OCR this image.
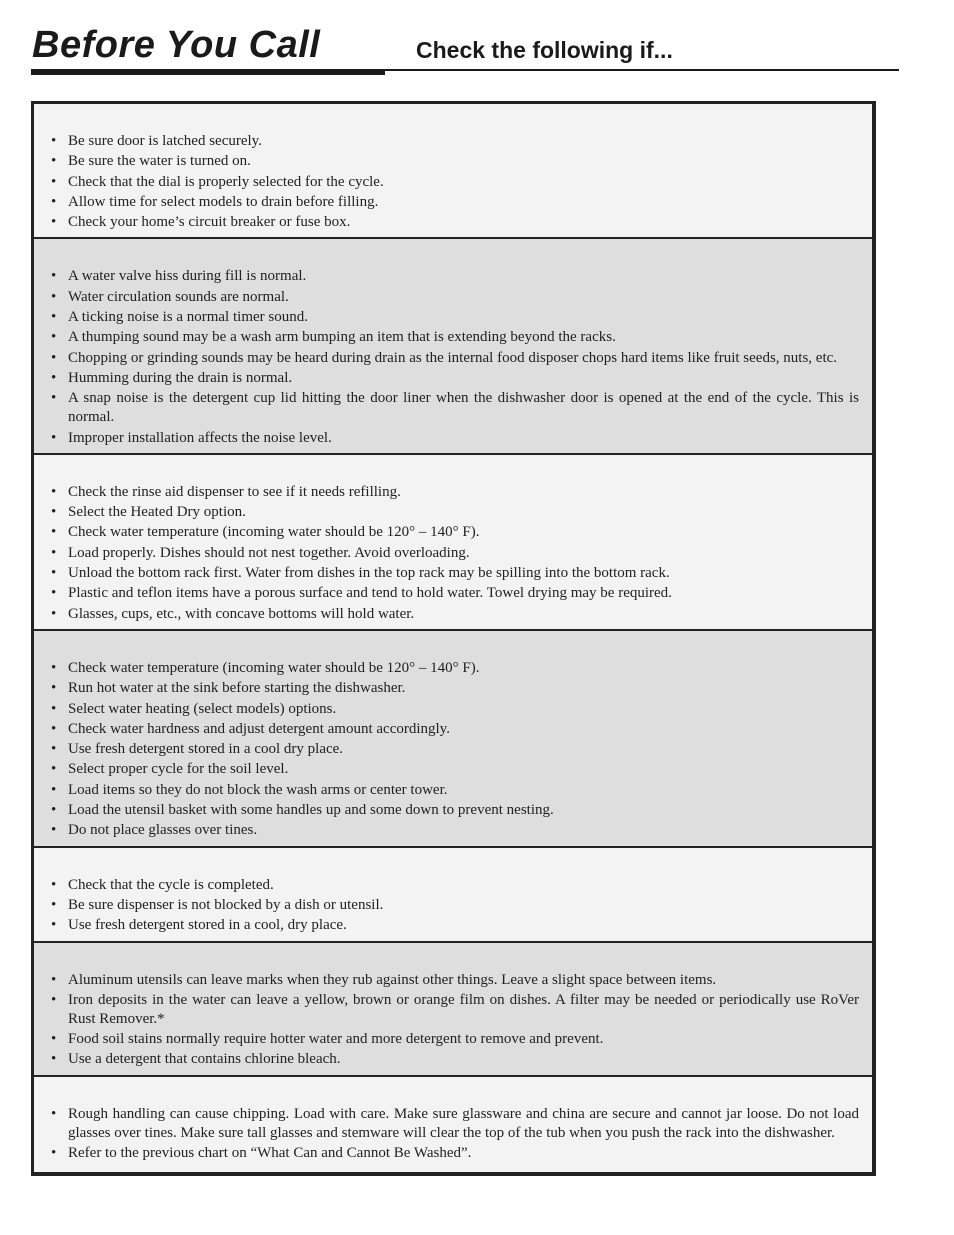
Before You Call	Check the following if...
• Be sure door is latched securely.
• Be sure the water is turned on.
• Check that the dial is properly selected for the cycle.
• Allow time for select models to drain before filling.
• Check your home’s circuit breaker or fuse box.
• A water valve hiss during fill is normal.
• Water circulation sounds are normal.
• A ticking noise is a normal timer sound.
• A thumping sound may be a wash arm bumping an item that is extending beyond the racks.
• Chopping or grinding sounds may be heard during drain as the internal food disposer chops hard items like fruit seeds, nuts, etc.
• Humming during the drain is normal.
• A snap noise is the detergent cup lid hitting the door liner when the dishwasher door is opened at the end of the cycle. This is normal.
• Improper installation affects the noise level.
• Check the rinse aid dispenser to see if it needs refilling.
• Select the Heated Dry option.
• Check water temperature (incoming water should be 120° – 140° F).
• Load properly. Dishes should not nest together. Avoid overloading.
• Unload the bottom rack first. Water from dishes in the top rack may be spilling into the bottom rack.
• Plastic and teflon items have a porous surface and tend to hold water. Towel drying may be required.
• Glasses, cups, etc., with concave bottoms will hold water.
• Check water temperature (incoming water should be 120° – 140° F).
• Run hot water at the sink before starting the dishwasher.
• Select water heating (select models) options.
• Check water hardness and adjust detergent amount accordingly.
• Use fresh detergent stored in a cool dry place.
• Select proper cycle for the soil level.
• Load items so they do not block the wash arms or center tower.
• Load the utensil basket with some handles up and some down to prevent nesting.
• Do not place glasses over tines.
• Check that the cycle is completed.
• Be sure dispenser is not blocked by a dish or utensil.
• Use fresh detergent stored in a cool, dry place.
• Aluminum utensils can leave marks when they rub against other things. Leave a slight space between items.
• Iron deposits in the water can leave a yellow, brown or orange film on dishes. A filter may be needed or periodically use RoVer Rust Remover.*
• Food soil stains normally require hotter water and more detergent to remove and prevent.
• Use a detergent that contains chlorine bleach.
• Rough handling can cause chipping. Load with care. Make sure glassware and china are secure and cannot jar loose. Do not load glasses over tines. Make sure tall glasses and stemware will clear the top of the tub when you push the rack into the dishwasher.
• Refer to the previous chart on “What Can and Cannot Be Washed”.
